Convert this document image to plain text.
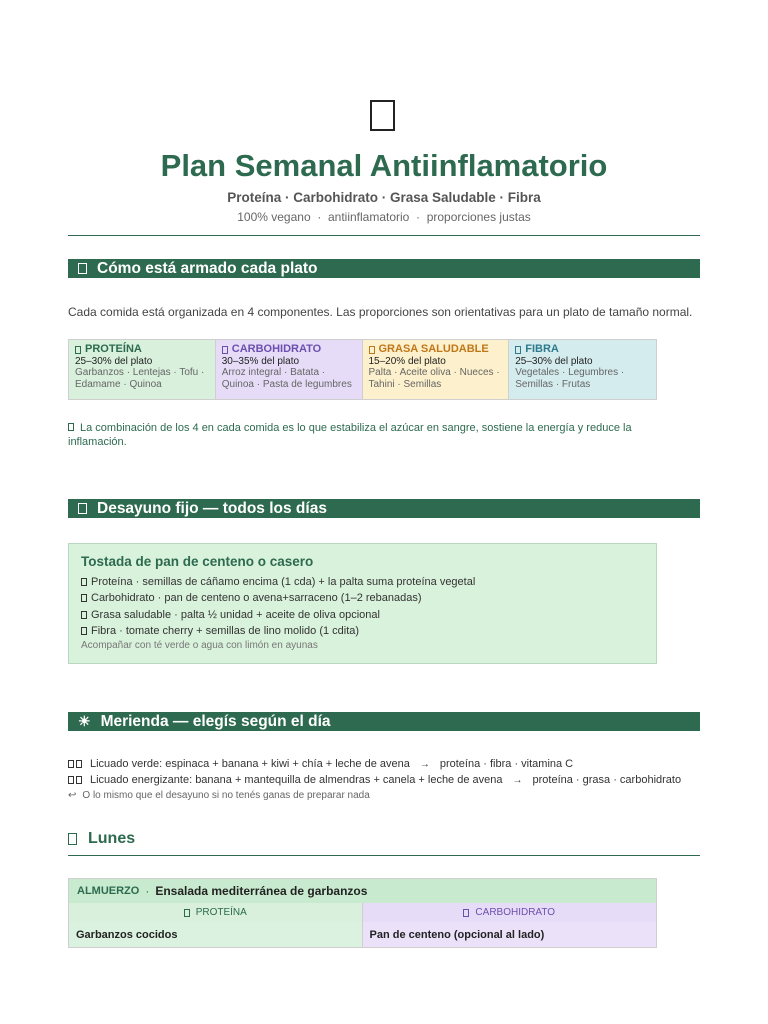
Plan Semanal Antiinflamatorio
Proteína · Carbohidrato · Grasa Saludable · Fibra
100% vegano · antiinflamatorio · proporciones justas
Cómo está armado cada plato
Cada comida está organizada en 4 componentes. Las proporciones son orientativas para un plato de tamaño normal.
PROTEÍNA
25–30% del plato
Garbanzos · Lentejas · Tofu · Edamame · Quinoa
CARBOHIDRATO
30–35% del plato
Arroz integral · Batata · Quinoa · Pasta de legumbres
GRASA SALUDABLE
15–20% del plato
Palta · Aceite oliva · Nueces · Tahini · Semillas
FIBRA
25–30% del plato
Vegetales · Legumbres · Semillas · Frutas
La combinación de los 4 en cada comida es lo que estabiliza el azúcar en sangre, sostiene la energía y reduce la inflamación.
Desayuno fijo — todos los días
Tostada de pan de centeno o casero
Proteína · semillas de cáñamo encima (1 cda) + la palta suma proteína vegetal
Carbohidrato · pan de centeno o avena+sarraceno (1–2 rebanadas)
Grasa saludable · palta ½ unidad + aceite de oliva opcional
Fibra · tomate cherry + semillas de lino molido (1 cdita)
Acompañar con té verde o agua con limón en ayunas
☀ Merienda — elegís según el día
Licuado verde: espinaca + banana + kiwi + chía + leche de avena → proteína · fibra · vitamina C
Licuado energizante: banana + mantequilla de almendras + canela + leche de avena → proteína · grasa · carbohidrato
↩ O lo mismo que el desayuno si no tenés ganas de preparar nada
Lunes
ALMUERZO · Ensalada mediterránea de garbanzos
PROTEÍNA	CARBOHIDRATO
Garbanzos cocidos	Pan de centeno (opcional al lado)
